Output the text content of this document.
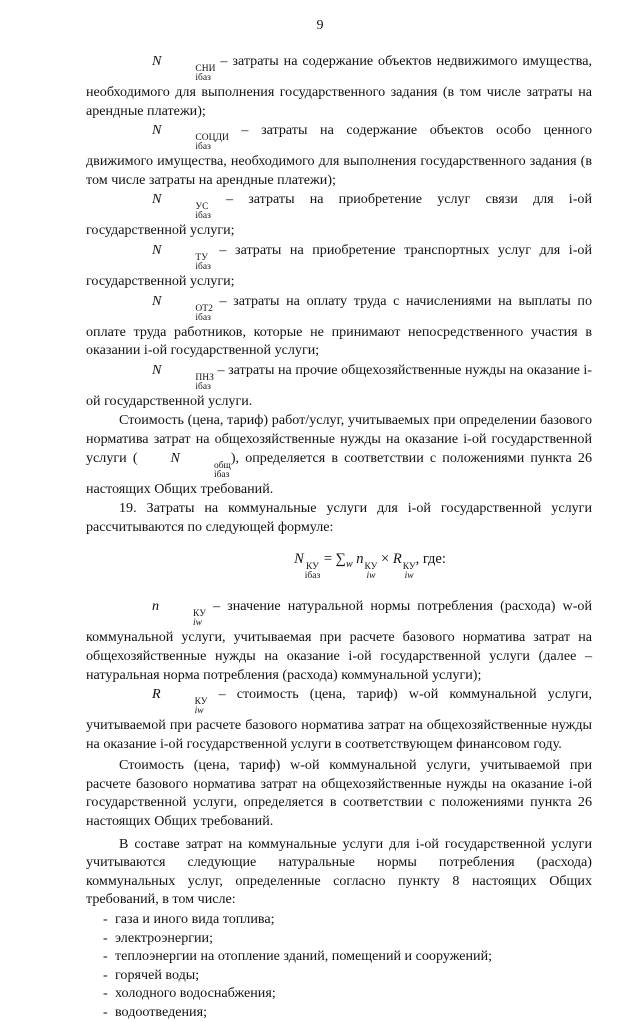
9

N	СНИ
iбаз
– затраты на содержание объектов недвижимого имущества, необходимого для выполнения государственного задания (в том числе затраты на арендные платежи);

N	СОЦДИ
iбаз
– затраты на содержание объектов особо ценного движимого имущества, необходимого для выполнения государственного задания (в том числе затраты на арендные платежи);

N	УС
iбаз
– затраты на приобретение услуг связи для i-ой государственной услуги;

N	ТУ
iбаз
– затраты на приобретение транспортных услуг для i-ой государственной услуги;

N	ОТ2
iбаз
– затраты на оплату труда с начислениями на выплаты по оплате труда работников, которые не принимают непосредственного участия в оказании i-ой государственной услуги;

N	ПНЗ
iбаз
– затраты на прочие общехозяйственные нужды на оказание i-ой государственной услуги.

Стоимость (цена, тариф) работ/услуг, учитываемых при определении базового норматива затрат на общехозяйственные нужды на оказание i-ой государственной услуги ( N	общ
iбаз
), определяется в соответствии с положениями пункта 26 настоящих Общих требований.

19. Затраты на коммунальные услуги для i-ой государственной услуги рассчитываются по следующей формуле:

N КУ
iбаз
= $\sum_w$ n КУ
iw
× R КУ
iw
, где:

n	КУ
iw
– значение натуральной нормы потребления (расхода) w-ой коммунальной услуги, учитываемая при расчете базового норматива затрат на общехозяйственные нужды на оказание i-ой государственной услуги (далее – натуральная норма потребления (расхода) коммунальной услуги);

R	КУ
iw
– стоимость (цена, тариф) w-ой коммунальной услуги, учитываемой при расчете базового норматива затрат на общехозяйственные нужды на оказание i-ой государственной услуги в соответствующем финансовом году.

Стоимость (цена, тариф) w-ой коммунальной услуги, учитываемой при расчете базового норматива затрат на общехозяйственные нужды на оказание i-ой государственной услуги, определяется в соответствии с положениями пункта 26 настоящих Общих требований.

В составе затрат на коммунальные услуги для i-ой государственной услуги учитываются следующие натуральные нормы потребления (расхода) коммунальных услуг, определенные согласно пункту 8 настоящих Общих требований, в том числе:

- газа и иного вида топлива;
- электроэнергии;
- теплоэнергии на отопление зданий, помещений и сооружений;
- горячей воды;
- холодного водоснабжения;
- водоотведения;
